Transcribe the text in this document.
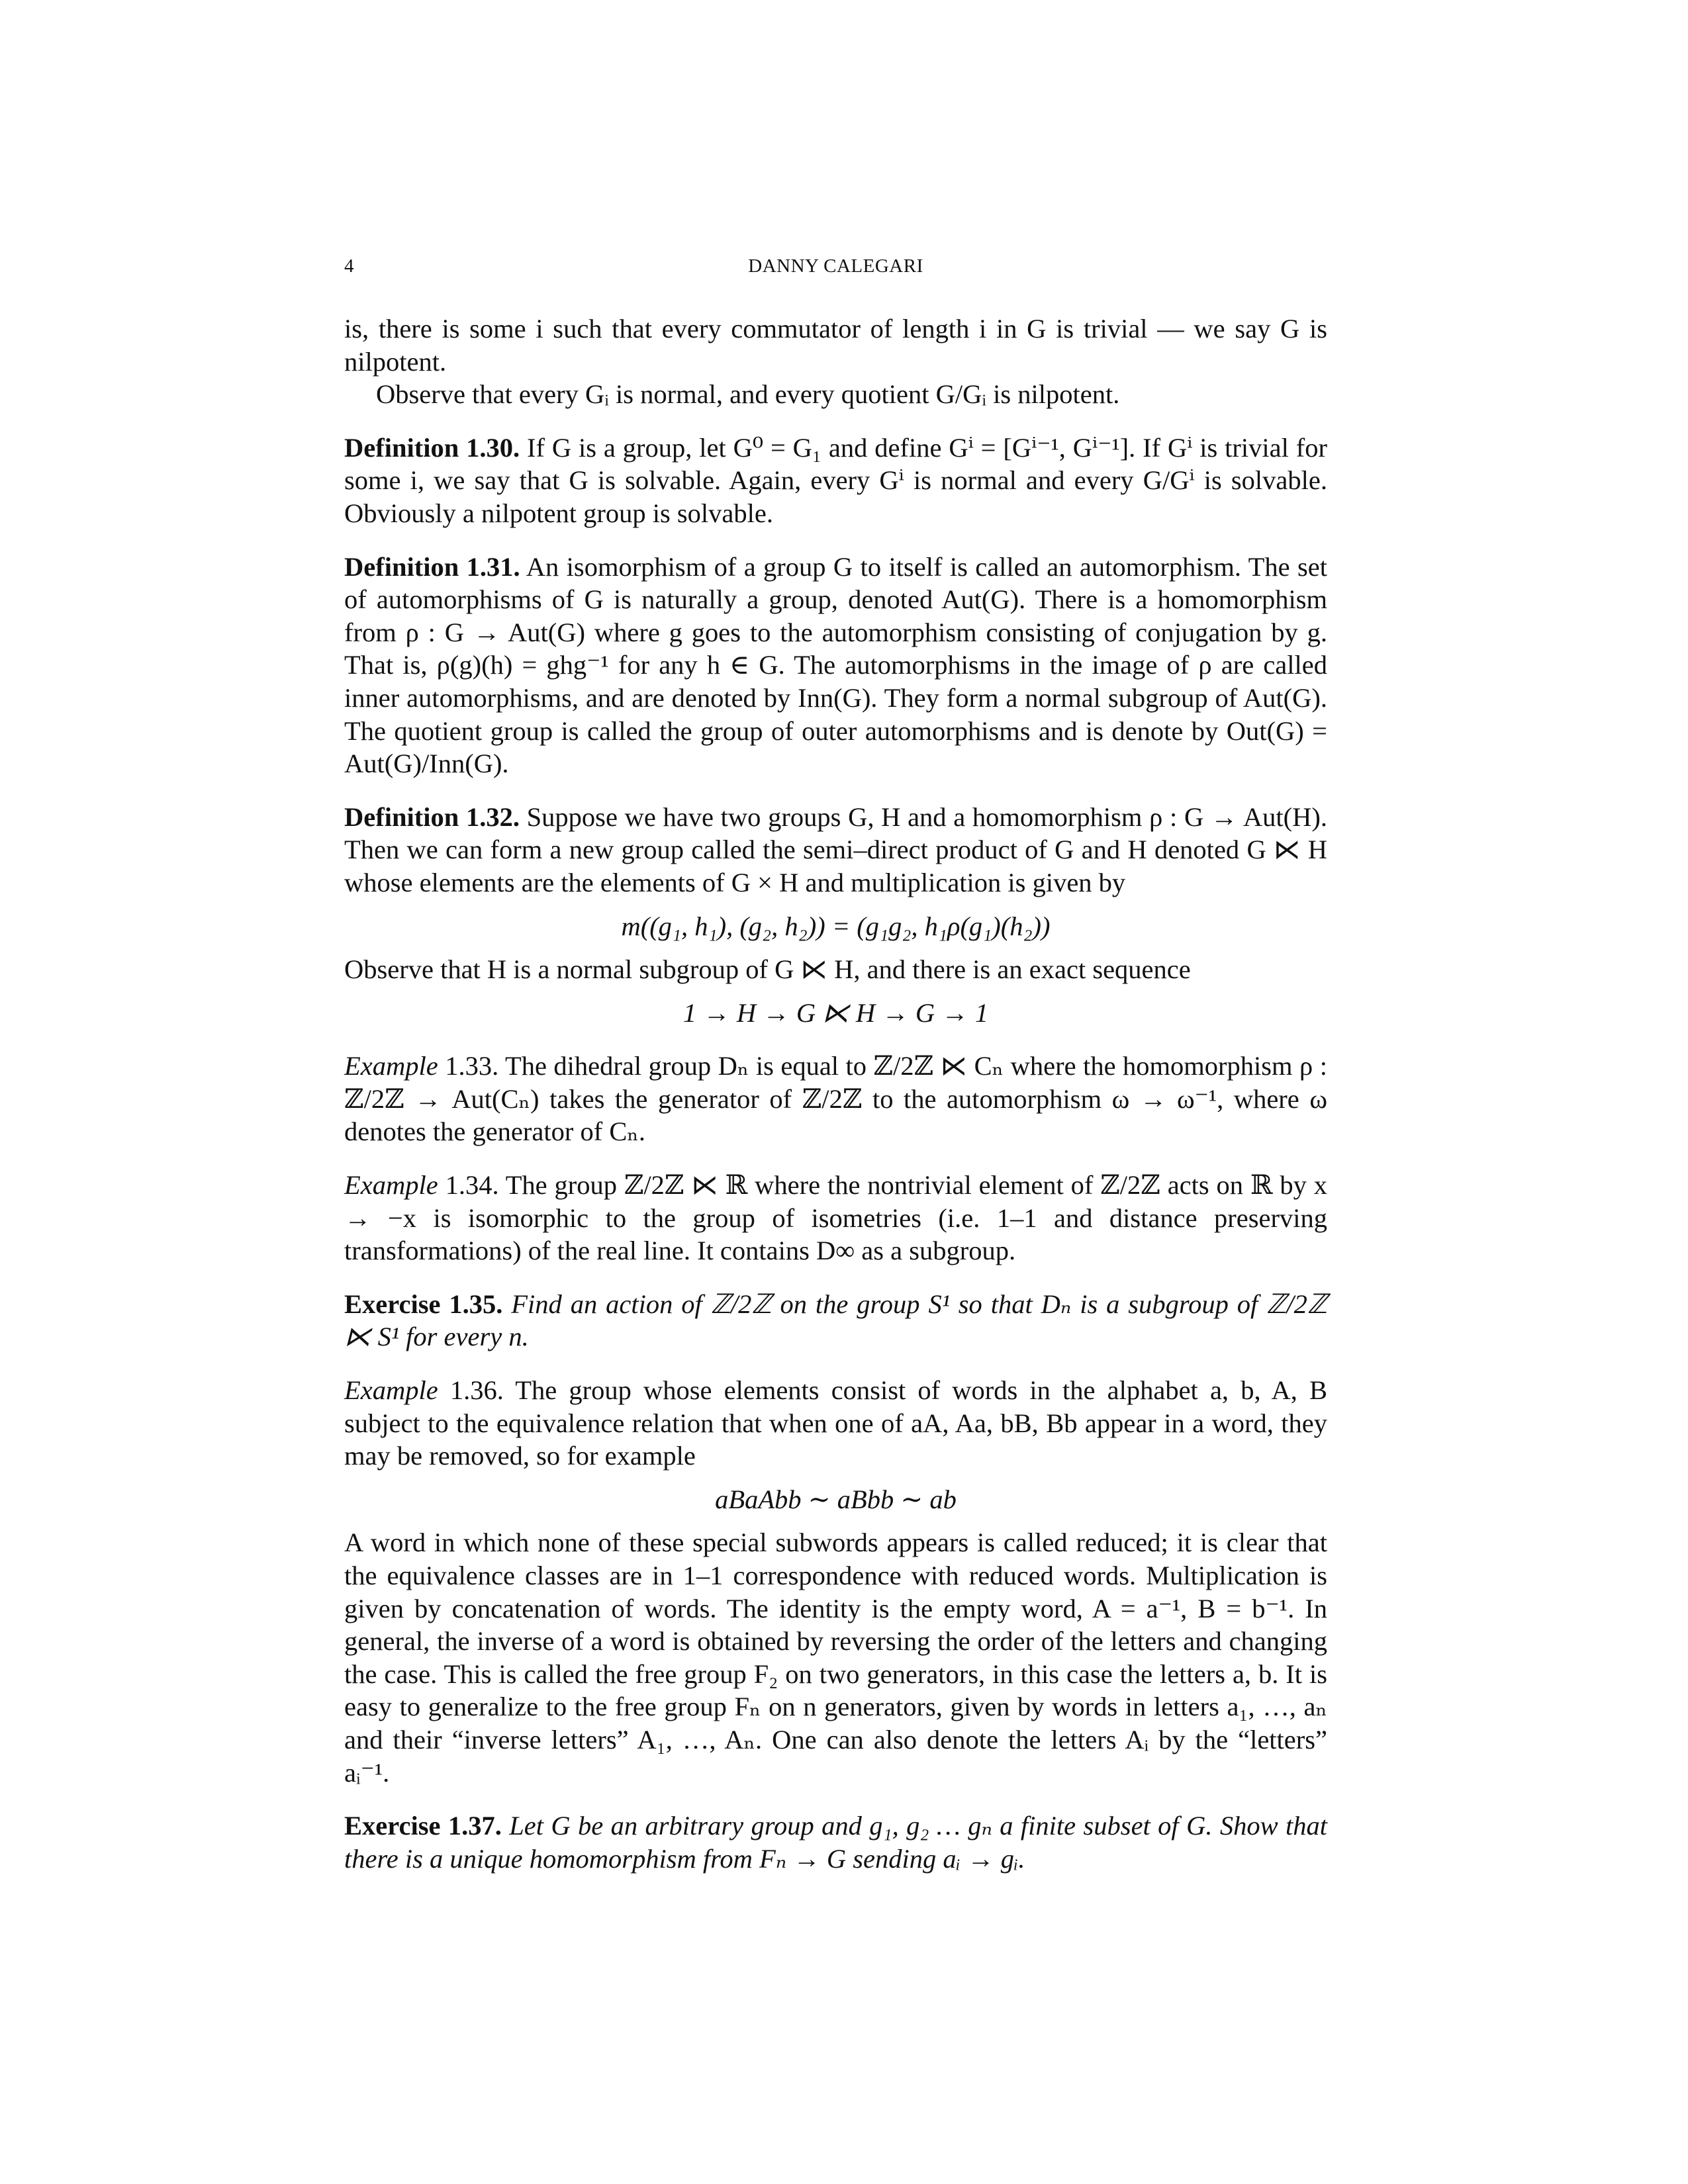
4	DANNY CALEGARI

is, there is some i such that every commutator of length i in G is trivial — we say G is nilpotent.

Observe that every Gᵢ is normal, and every quotient G/Gᵢ is nilpotent.

Definition 1.30. If G is a group, let G⁰ = G₁ and define Gⁱ = [Gⁱ⁻¹, Gⁱ⁻¹]. If Gⁱ is trivial for some i, we say that G is solvable. Again, every Gⁱ is normal and every G/Gⁱ is solvable. Obviously a nilpotent group is solvable.

Definition 1.31. An isomorphism of a group G to itself is called an automorphism. The set of automorphisms of G is naturally a group, denoted Aut(G). There is a homomorphism from ρ : G → Aut(G) where g goes to the automorphism consisting of conjugation by g. That is, ρ(g)(h) = ghg⁻¹ for any h ∈ G. The automorphisms in the image of ρ are called inner automorphisms, and are denoted by Inn(G). They form a normal subgroup of Aut(G). The quotient group is called the group of outer automorphisms and is denote by Out(G) = Aut(G)/Inn(G).

Definition 1.32. Suppose we have two groups G, H and a homomorphism ρ : G → Aut(H). Then we can form a new group called the semi–direct product of G and H denoted G ⋉ H whose elements are the elements of G × H and multiplication is given by

m((g₁, h₁), (g₂, h₂)) = (g₁g₂, h₁ρ(g₁)(h₂))

Observe that H is a normal subgroup of G ⋉ H, and there is an exact sequence

1 → H → G ⋉ H → G → 1

Example 1.33. The dihedral group Dₙ is equal to ℤ/2ℤ ⋉ Cₙ where the homomorphism ρ : ℤ/2ℤ → Aut(Cₙ) takes the generator of ℤ/2ℤ to the automorphism ω → ω⁻¹, where ω denotes the generator of Cₙ.

Example 1.34. The group ℤ/2ℤ ⋉ ℝ where the nontrivial element of ℤ/2ℤ acts on ℝ by x → −x is isomorphic to the group of isometries (i.e. 1–1 and distance preserving transformations) of the real line. It contains D∞ as a subgroup.

Exercise 1.35. Find an action of ℤ/2ℤ on the group S¹ so that Dₙ is a subgroup of ℤ/2ℤ ⋉ S¹ for every n.

Example 1.36. The group whose elements consist of words in the alphabet a, b, A, B subject to the equivalence relation that when one of aA, Aa, bB, Bb appear in a word, they may be removed, so for example

aBaAbb ∼ aBbb ∼ ab

A word in which none of these special subwords appears is called reduced; it is clear that the equivalence classes are in 1–1 correspondence with reduced words. Multiplication is given by concatenation of words. The identity is the empty word, A = a⁻¹, B = b⁻¹. In general, the inverse of a word is obtained by reversing the order of the letters and changing the case. This is called the free group F₂ on two generators, in this case the letters a, b. It is easy to generalize to the free group Fₙ on n generators, given by words in letters a₁, …, aₙ and their “inverse letters” A₁, …, Aₙ. One can also denote the letters Aᵢ by the “letters” aᵢ⁻¹.

Exercise 1.37. Let G be an arbitrary group and g₁, g₂ … gₙ a finite subset of G. Show that there is a unique homomorphism from Fₙ → G sending aᵢ → gᵢ.
